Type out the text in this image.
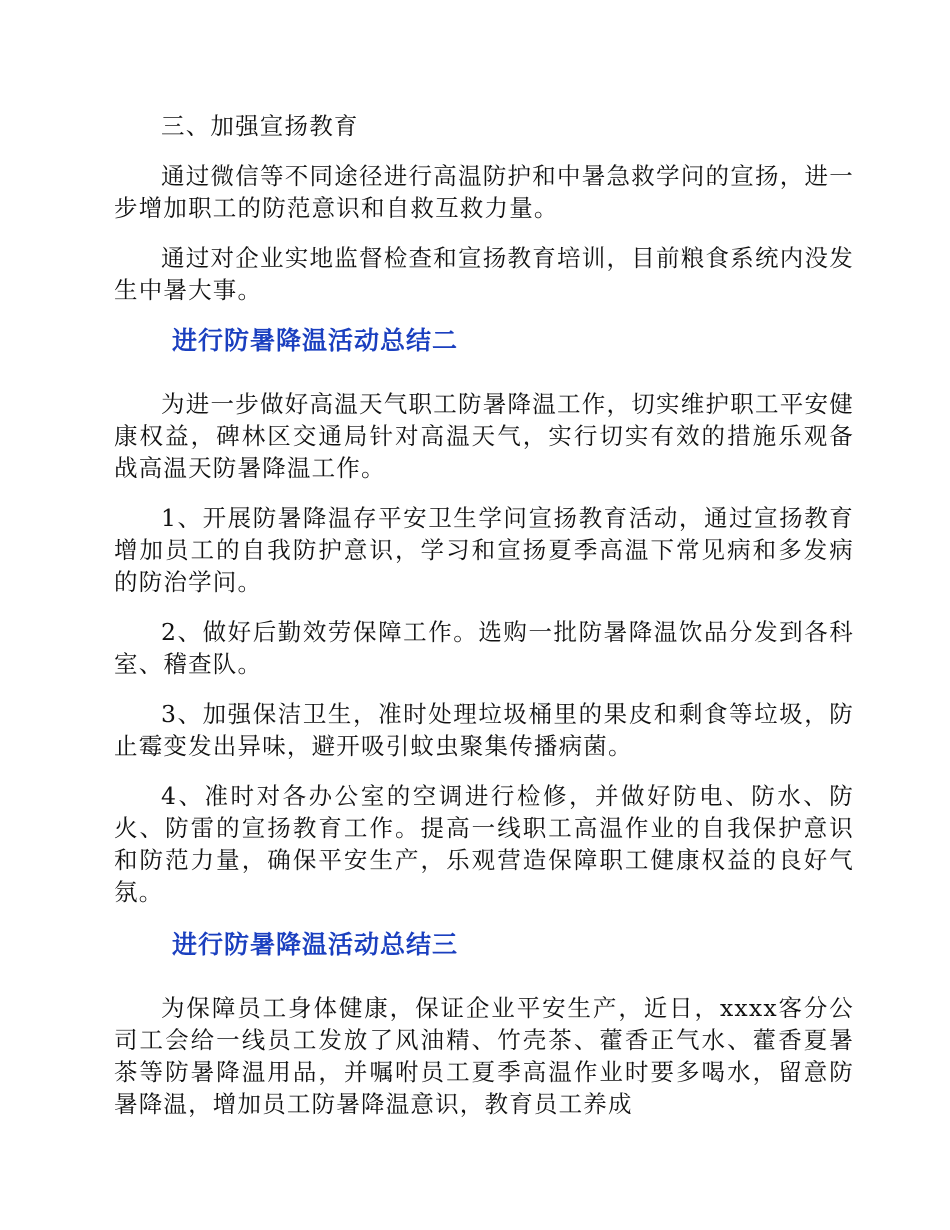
三、加强宣扬教育

通过微信等不同途径进行高温防护和中暑急救学问的宣扬，进一步增加职工的防范意识和自救互救力量。

通过对企业实地监督检查和宣扬教育培训，目前粮食系统内没发生中暑大事。

进行防暑降温活动总结二

为进一步做好高温天气职工防暑降温工作，切实维护职工平安健康权益，碑林区交通局针对高温天气，实行切实有效的措施乐观备战高温天防暑降温工作。

1、开展防暑降温存平安卫生学问宣扬教育活动，通过宣扬教育增加员工的自我防护意识，学习和宣扬夏季高温下常见病和多发病的防治学问。

2、做好后勤效劳保障工作。选购一批防暑降温饮品分发到各科室、稽查队。

3、加强保洁卫生，准时处理垃圾桶里的果皮和剩食等垃圾，防止霉变发出异味，避开吸引蚊虫聚集传播病菌。

4、准时对各办公室的空调进行检修，并做好防电、防水、防火、防雷的宣扬教育工作。提高一线职工高温作业的自我保护意识和防范力量，确保平安生产，乐观营造保障职工健康权益的良好气氛。

进行防暑降温活动总结三

为保障员工身体健康，保证企业平安生产，近日，xxxx客分公司工会给一线员工发放了风油精、竹壳茶、藿香正气水、藿香夏暑茶等防暑降温用品，并嘱咐员工夏季高温作业时要多喝水，留意防暑降温，增加员工防暑降温意识，教育员工养成
